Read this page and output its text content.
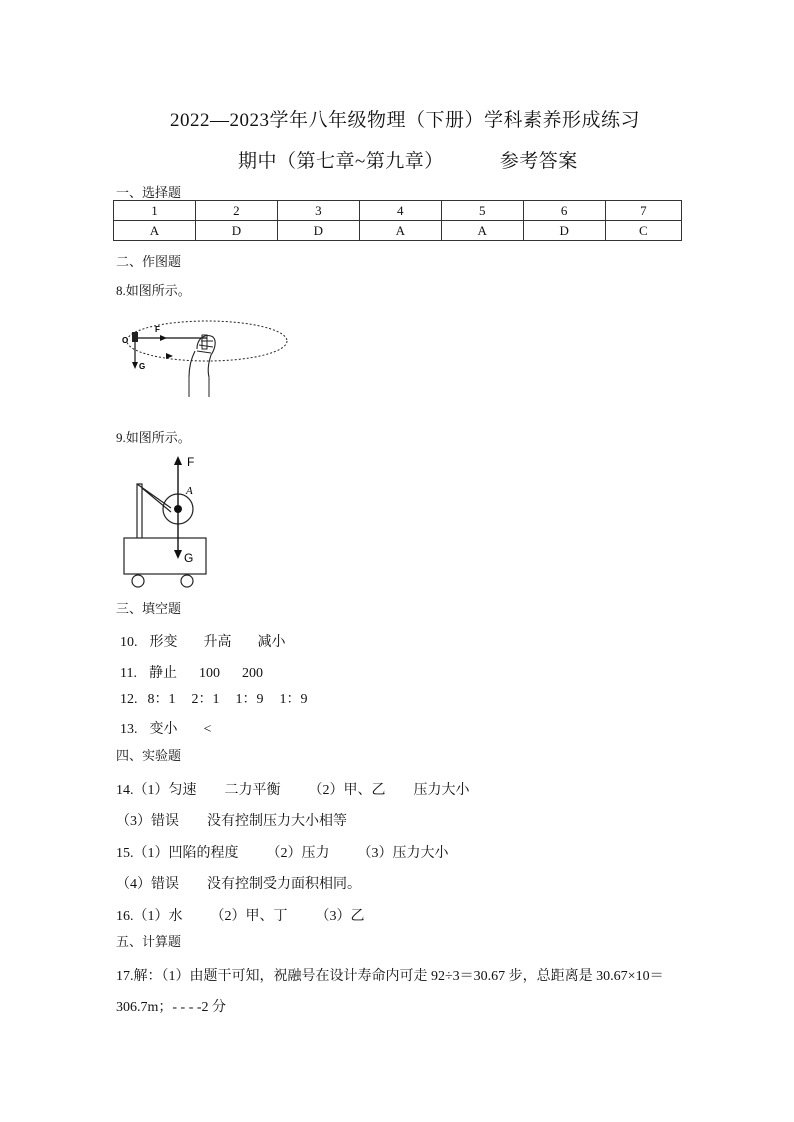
2022—2023学年八年级物理（下册）学科素养形成练习
期中（第七章~第九章）	参考答案
一、选择题
1	2	3	4	5	6	7
A	D	D	A	A	D	C
二、作图题
8.如图所示。
O
F
G
9.如图所示。
F
A
G
三、填空题
10. 形变 升高 减小
11. 静止 100 200
12. 8：1 2：1 1：9 1：9
13. 变小 <
四、实验题
14.（1）匀速 二力平衡 （2）甲、乙 压力大小
（3）错误 没有控制压力大小相等
15.（1）凹陷的程度 （2）压力 （3）压力大小
（4）错误 没有控制受力面积相同。
16.（1）水 （2）甲、丁 （3）乙
五、计算题
17.解：（1）由题干可知，祝融号在设计寿命内可走 92÷3＝30.67 步，总距离是 30.67×10＝
306.7m；- - - -2 分
